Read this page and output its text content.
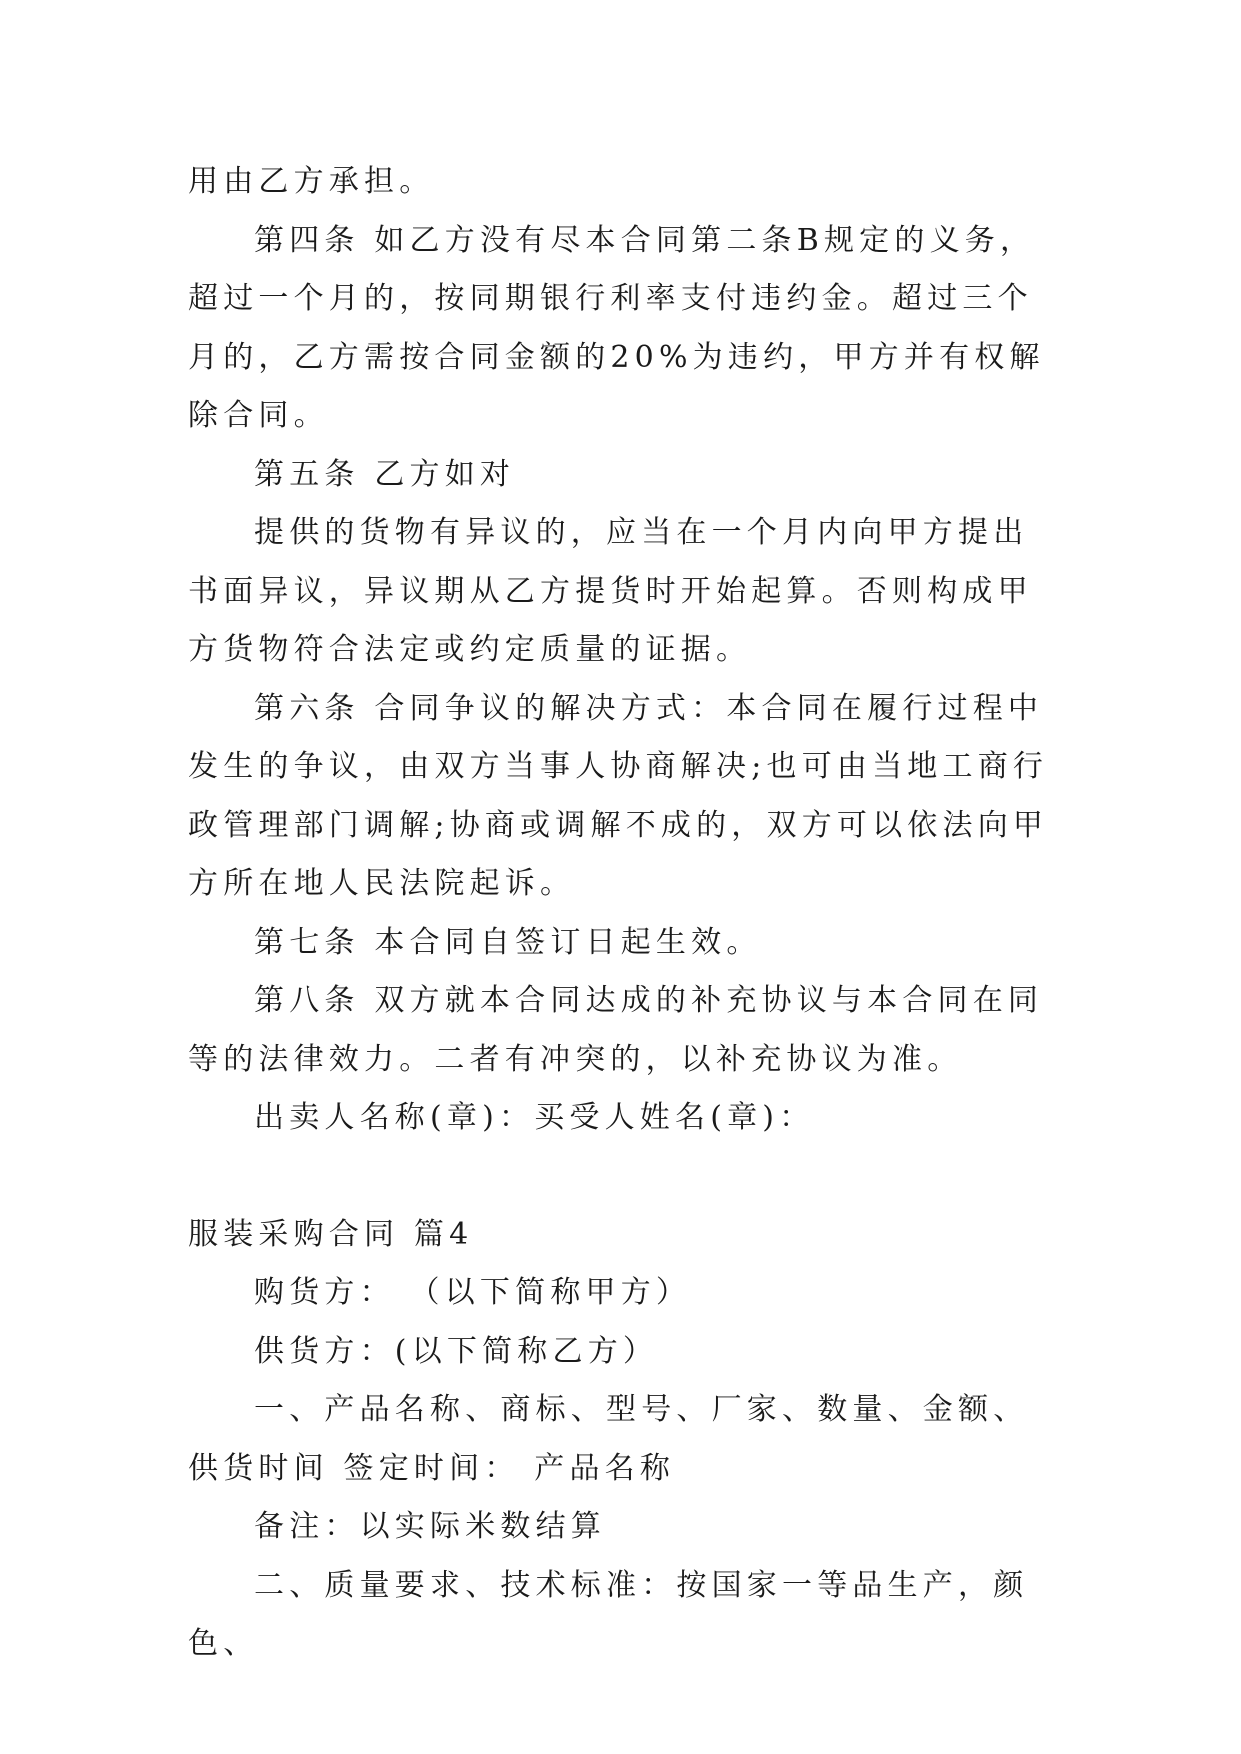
用由乙方承担。

第四条 如乙方没有尽本合同第二条B规定的义务，超过一个月的，按同期银行利率支付违约金。超过三个月的，乙方需按合同金额的20%为违约，甲方并有权解除合同。

第五条 乙方如对

提供的货物有异议的，应当在一个月内向甲方提出书面异议，异议期从乙方提货时开始起算。否则构成甲方货物符合法定或约定质量的证据。

第六条 合同争议的解决方式：本合同在履行过程中发生的争议，由双方当事人协商解决;也可由当地工商行政管理部门调解;协商或调解不成的，双方可以依法向甲方所在地人民法院起诉。

第七条 本合同自签订日起生效。

第八条 双方就本合同达成的补充协议与本合同在同等的法律效力。二者有冲突的，以补充协议为准。

出卖人名称(章)：买受人姓名(章)：

服装采购合同 篇4

购货方： （以下简称甲方）

供货方：(以下简称乙方）

一、产品名称、商标、型号、厂家、数量、金额、供货时间 签定时间： 产品名称

备注：以实际米数结算

二、质量要求、技术标准：按国家一等品生产，颜色、
